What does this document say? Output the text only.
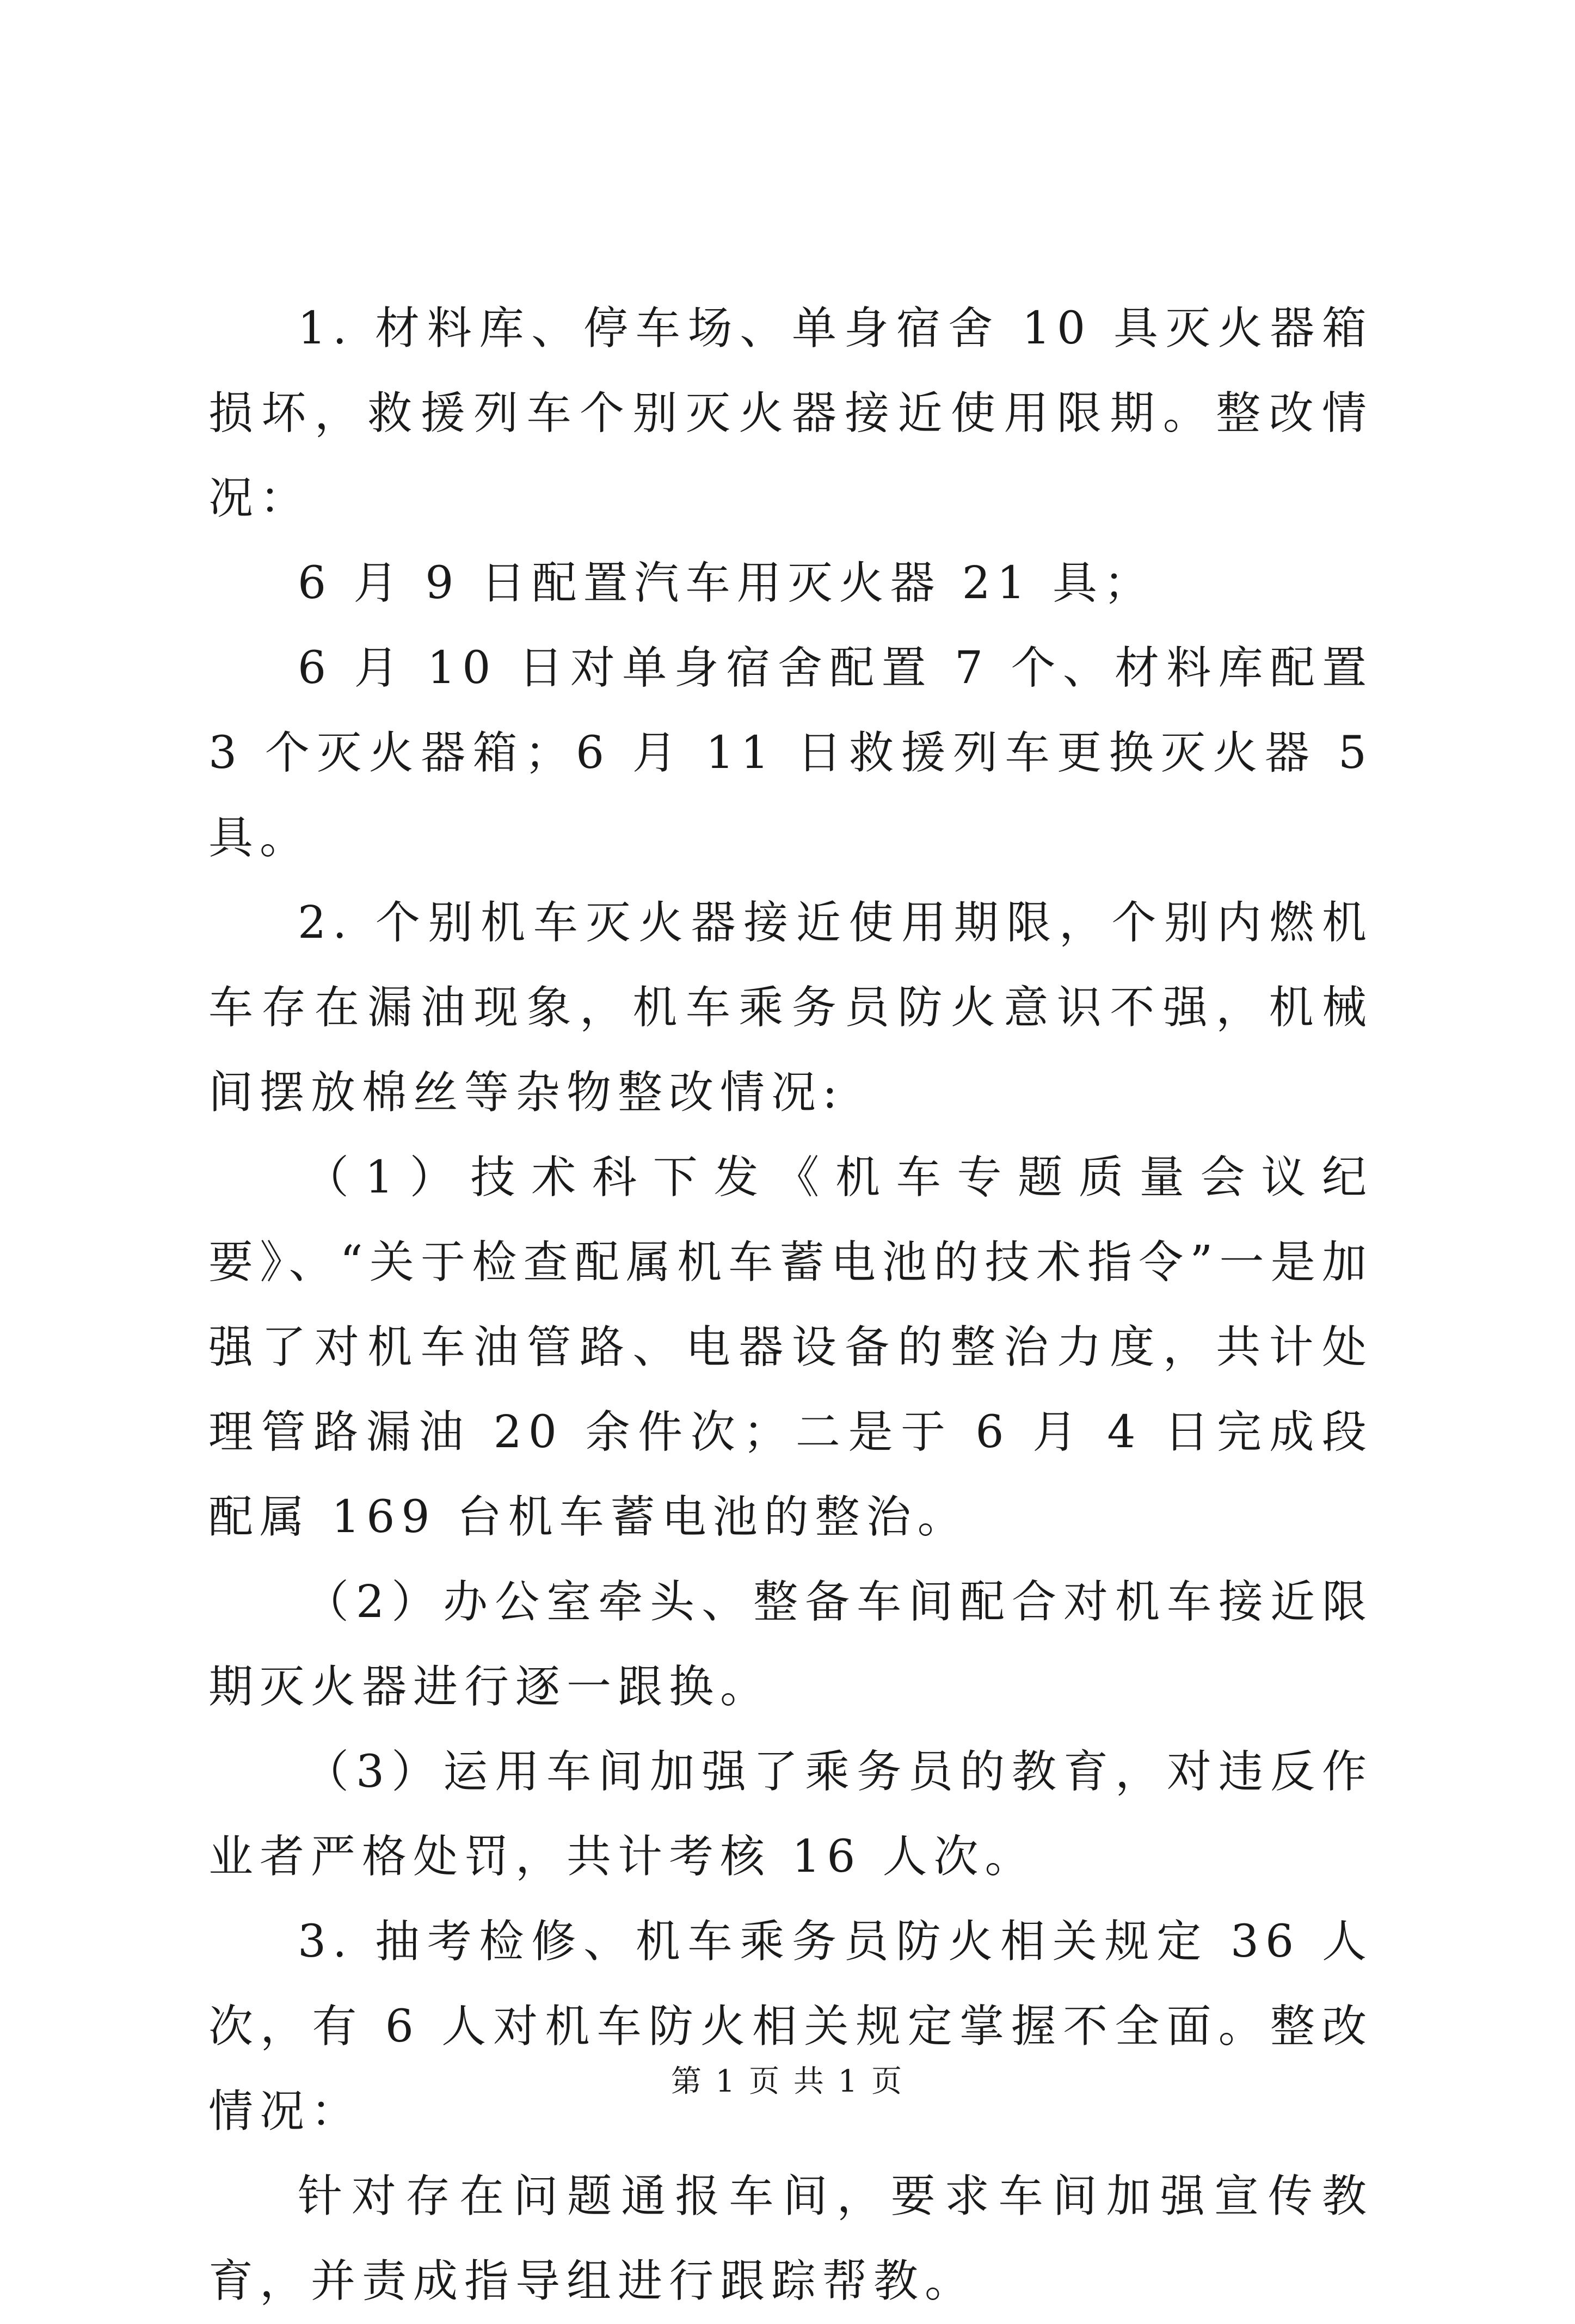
1. 材料库、停车场、单身宿舍 10 具灭火器箱损坏，救援列车个别灭火器接近使用限期。整改情况：

6 月 9 日配置汽车用灭火器 21 具；

6 月 10 日对单身宿舍配置 7 个、材料库配置 3 个灭火器箱；6 月 11 日救援列车更换灭火器 5 具。

2. 个别机车灭火器接近使用期限，个别内燃机车存在漏油现象，机车乘务员防火意识不强，机械间摆放棉丝等杂物整改情况:

（1）技术科下发《机车专题质量会议纪要》、“关于检查配属机车蓄电池的技术指令”一是加强了对机车油管路、电器设备的整治力度，共计处理管路漏油 20 余件次；二是于 6 月 4 日完成段配属 169 台机车蓄电池的整治。

（2）办公室牵头、整备车间配合对机车接近限期灭火器进行逐一跟换。

（3）运用车间加强了乘务员的教育，对违反作业者严格处罚，共计考核 16 人次。

3. 抽考检修、机车乘务员防火相关规定 36 人次，有 6 人对机车防火相关规定掌握不全面。整改情况：

针对存在问题通报车间，要求车间加强宣传教育，并责成指导组进行跟踪帮教。

第 1 页 共 1 页
